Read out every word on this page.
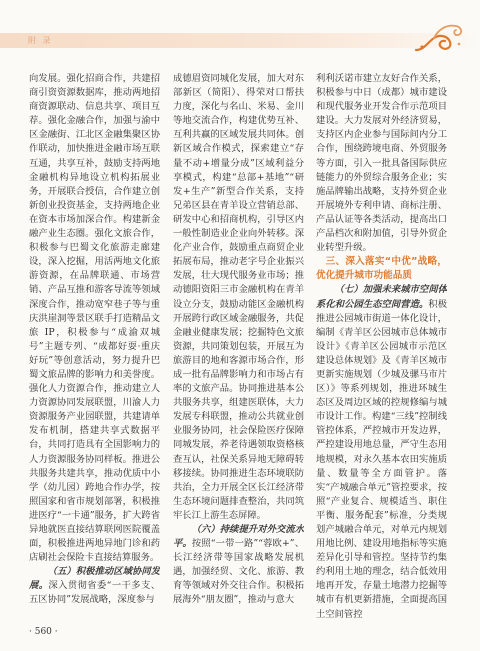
附 录

向发展。强化招商合作，共建招商引资资源数据库，推动两地招商资源联动、信息共享、项目互荐。强化金融合作，加强与渝中区金融街、江北区金融集聚区协作联动，加快推进金融市场互联互通，共享互补，鼓励支持两地金融机构异地设立机构拓展业务，开展联合授信，合作建立创新创业投资基金，支持两地企业在资本市场加深合作。构建新金融产业生态圈。强化文旅合作，积极参与巴蜀文化旅游走廊建设，深入挖掘，用活两地文化旅游资源，在品牌联通、市场营销、产品互推和游客导流等领域深度合作，推动宽窄巷子等与重庆洪崖洞等景区联手打造精品文旅 IP，积极参与“成渝双城号”主题专列、“成都好耍·重庆好玩”等创意活动，努力提升巴蜀文旅品牌的影响力和美誉度。强化人力资源合作，推动建立人力资源协同发展联盟，川渝人力资源服务产业园联盟，共建请单发布机制，搭建共享式数据平台，共同打造具有全国影响力的人力资源服务协同样板。推进公共服务共建共享，推动优质中小学（幼儿园）跨地合作办学，按照国家和省市规划部署，积极推进医疗“一卡通”服务，扩大跨省异地就医直接结算联网医院覆盖面，积极推进两地异地门诊和药店刷社会保险卡直接结算服务。

（五）积极推动区域协同发展。深入贯彻省委“一干多支、五区协同”发展战略，深度参与

成德眉资同城化发展，加大对东部新区（简阳）、得荣对口帮扶力度，深化与名山、米易、金川等地交流合作，构建优势互补、互利共赢的区域发展共同体。创新区域合作模式，探索建立“存量不动+增量分成”区域利益分享模式，构建“总部+基地”“研发+生产”新型合作关系，支持兄弟区县在青羊设立营销总部、研发中心和招商机构，引导区内一般性制造业企业向外转移。深化产业合作，鼓励重点商贸企业拓展布局，推动老字号企业振兴发展，壮大现代服务业市场；推动德阳资阳三市金融机构在青羊设立分支，鼓励动能区金融机构开展跨行政区域金融服务，共促金融业健康发展；挖掘特色文旅资源，共同策划包装，开展互为旅游目的地和客源市场合作，形成一批有品牌影响力和市场占有率的文旅产品。协同推进基本公共服务共享，组建医联体，大力发展专科联盟，推动公共就业创业服务协同，社会保险医疗保障同城发展，养老待遇领取资格核查互认，社保关系异地无障碍转移接续。协同推进生态环境联防共治，全力开展全区长江经济带生态环境问题排查整治，共同筑牢长江上游生态屏障。

（六）持续提升对外交流水平。按照“一带一路”“蓉欧+”、长江经济带等国家战略发展机遇，加强经贸、文化、旅游、教育等领域对外交往合作。积极拓展海外“朋友圈”，推动与意大

利利沃诺市建立友好合作关系，积极参与中日（成都）城市建设和现代服务业开发合作示范项目建设。大力发展对外经济贸易，支持区内企业参与国际间内分工合作，围绕跨境电商、外贸服务等方面，引入一批具备国际供应链能力的外贸综合服务企业；实施品牌输出战略，支持外贸企业开展境外专利申请、商标注册、产品认证等各类活动，提高出口产品档次和附加值，引导外贸企业转型升级。

三、深入落实“中优”战略，优化提升城市功能品质

（七）加强未来城市空间体系化和公园生态空间营造。积极推进公园城市街道一体化设计，编制《青羊区公园城市总体城市设计》《青羊区公园城市示范区建设总体规划》及《青羊区城市更新实施规划（少城及骡马市片区）》等系列规划，推进环城生态区及周边区域的控规修编与城市设计工作。构建“三线”控制线管控体系，严控城市开发边界，严控建设用地总量，严守生态用地规模，对永久基本农田实施质量、数量等全方面管护。落实“产城融合单元”管控要求，按照“产业复合、规模适当、职住平衡、服务配套”标准，分类规划产城融合单元，对单元内规划用地比例、建设用地指标等实施差异化引导和管控。坚持节约集约利用土地的理念，结合低效用地再开发，存量土地潜力挖掘等城市有机更新措施，全面提高国土空间管控

· 560 ·
